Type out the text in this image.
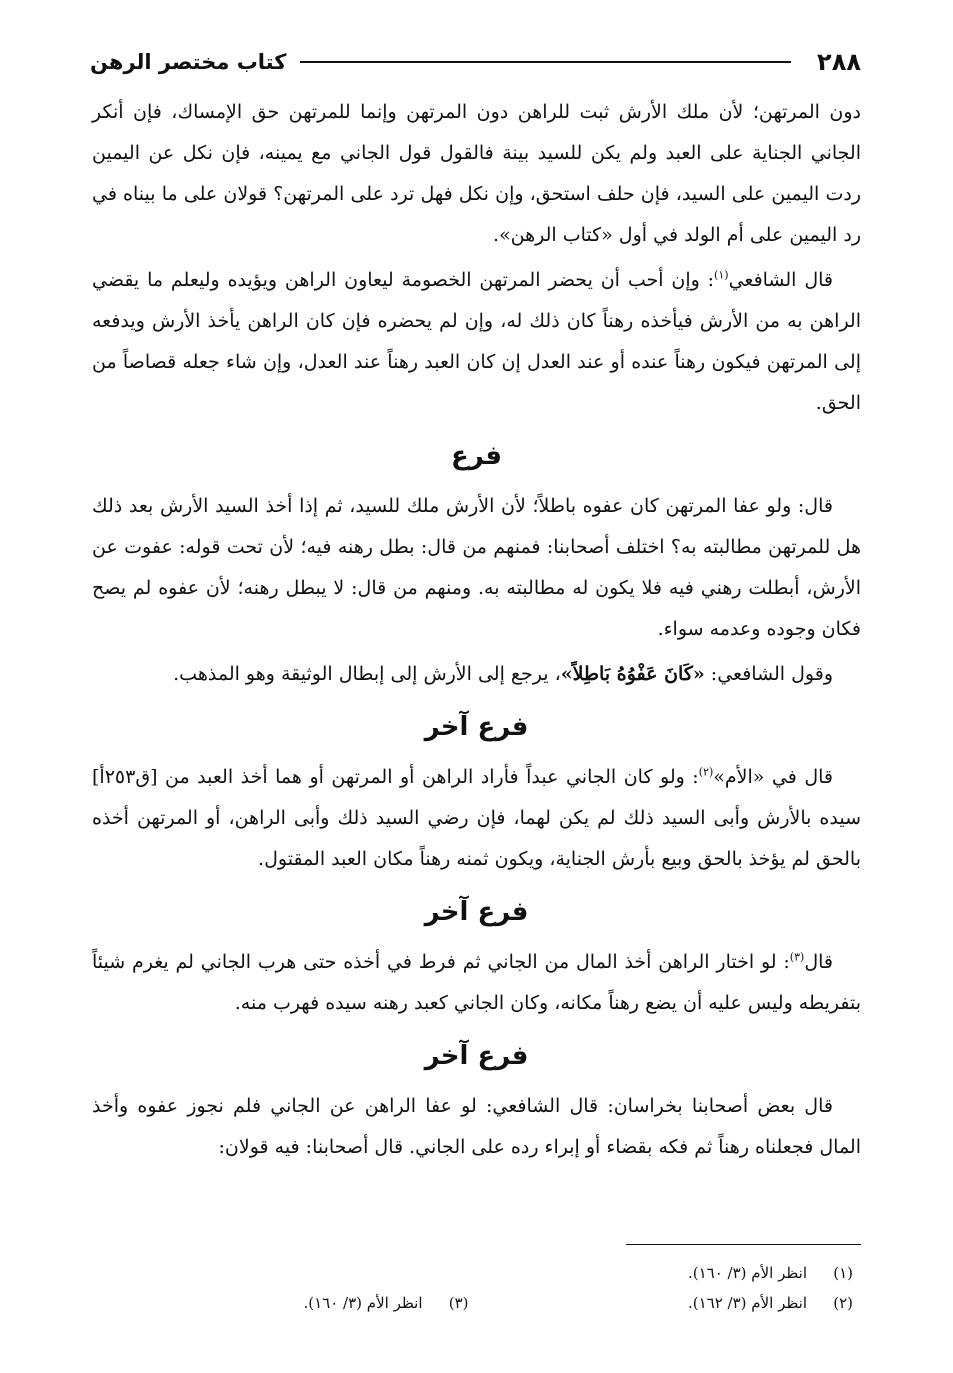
٢٨٨
كتاب مختصر الرهن

دون المرتهن؛ لأن ملك الأرش ثبت للراهن دون المرتهن وإنما للمرتهن حق الإمساك، فإن أنكر الجاني الجناية على العبد ولم يكن للسيد بينة فالقول قول الجاني مع يمينه، فإن نكل عن اليمين ردت اليمين على السيد، فإن حلف استحق، وإن نكل فهل ترد على المرتهن؟ قولان على ما بيناه في رد اليمين على أم الولد في أول «كتاب الرهن».

قال الشافعي$^{(١)}$: وإن أحب أن يحضر المرتهن الخصومة ليعاون الراهن ويؤيده وليعلم ما يقضي الراهن به من الأرش فيأخذه رهناً كان ذلك له، وإن لم يحضره فإن كان الراهن يأخذ الأرش ويدفعه إلى المرتهن فيكون رهناً عنده أو عند العدل إن كان العبد رهناً عند العدل، وإن شاء جعله قصاصاً من الحق.

فرع

قال: ولو عفا المرتهن كان عفوه باطلاً؛ لأن الأرش ملك للسيد، ثم إذا أخذ السيد الأرش بعد ذلك هل للمرتهن مطالبته به؟ اختلف أصحابنا: فمنهم من قال: بطل رهنه فيه؛ لأن تحت قوله: عفوت عن الأرش، أبطلت رهني فيه فلا يكون له مطالبته به. ومنهم من قال: لا يبطل رهنه؛ لأن عفوه لم يصح فكان وجوده وعدمه سواء.

وقول الشافعي: «كَانَ عَفْوُهُ بَاطِلاً»، يرجع إلى الأرش إلى إبطال الوثيقة وهو المذهب.

فرع آخر

قال في «الأم»$^{(٢)}$: ولو كان الجاني عبداً فأراد الراهن أو المرتهن أو هما أخذ العبد من [ق٢٥٣أ] سيده بالأرش وأبى السيد ذلك لم يكن لهما، فإن رضي السيد ذلك وأبى الراهن، أو المرتهن أخذه بالحق لم يؤخذ بالحق وبيع بأرش الجناية، ويكون ثمنه رهناً مكان العبد المقتول.

فرع آخر

قال$^{(٣)}$: لو اختار الراهن أخذ المال من الجاني ثم فرط في أخذه حتى هرب الجاني لم يغرم شيئاً بتفريطه وليس عليه أن يضع رهناً مكانه، وكان الجاني كعبد رهنه سيده فهرب منه.

فرع آخر

قال بعض أصحابنا بخراسان: قال الشافعي: لو عفا الراهن عن الجاني فلم نجوز عفوه وأخذ المال فجعلناه رهناً ثم فكه بقضاء أو إبراء رده على الجاني. قال أصحابنا: فيه قولان:

(١)
انظر الأم (٣/ ١٦٠).
(٢)
انظر الأم (٣/ ١٦٢).
(٣)
انظر الأم (٣/ ١٦٠).
